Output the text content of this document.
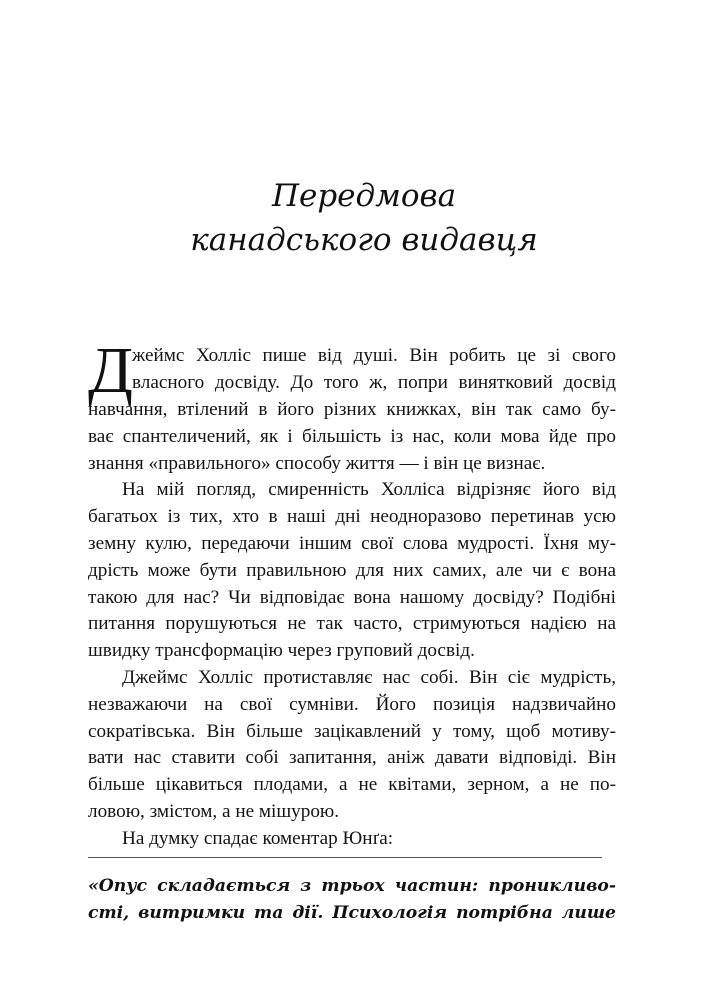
Передмова
канадського видавця
Д
жеймс Холліс пише від душі. Він робить це зі свого
власного досвіду. До того ж, попри винятковий досвід
навчання, втілений в його різних книжках, він так само бу-
ває спантеличений, як і більшість із нас, коли мова йде про
знання «правильного» способу життя — і він це визнає.
На мій погляд, смиренність Холліса відрізняє його від
багатьох із тих, хто в наші дні неодноразово перетинав усю
земну кулю, передаючи іншим свої слова мудрості. Їхня му-
дрість може бути правильною для них самих, але чи є вона
такою для нас? Чи відповідає вона нашому досвіду? Подібні
питання порушуються не так часто, стримуються надією на
швидку трансформацію через груповий досвід.
Джеймс Холліс протиставляє нас собі. Він сіє мудрість,
незважаючи на свої сумніви. Його позиція надзвичайно
сократівська. Він більше зацікавлений у тому, щоб мотиву-
вати нас ставити собі запитання, аніж давати відповіді. Він
більше цікавиться плодами, а не квітами, зерном, а не по-
ловою, змістом, а не мішурою.
На думку спадає коментар Юнґа:
«Опус складається з трьох частин: проникливо-
сті, витримки та дії. Психологія потрібна лише
